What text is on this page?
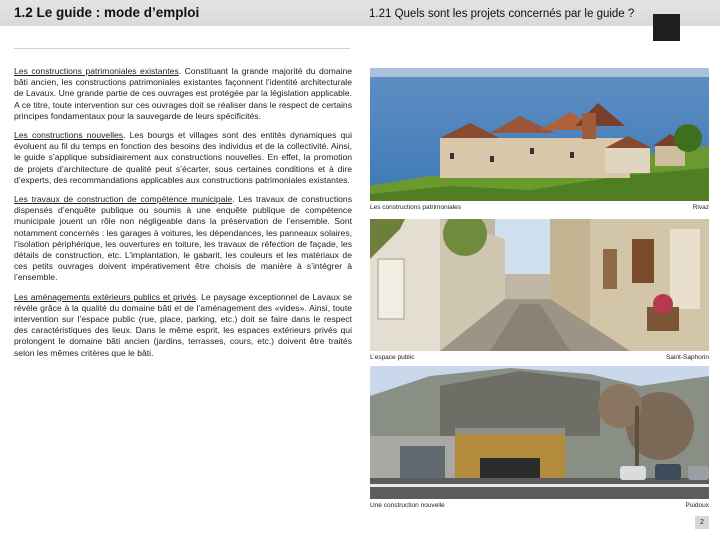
1.2 Le guide : mode d’emploi	1.21 Quels sont les projets concernés par le guide ?

Les constructions patrimoniales existantes. Constituant la grande majorité du domaine bâti ancien, les constructions patrimoniales existantes façonnent l’identité architecturale de Lavaux. Une grande partie de ces ouvrages est protégée par la législation applicable. A ce titre, toute intervention sur ces ouvrages doit se réaliser dans le respect de certains principes fondamentaux pour la sauvegarde de leurs spécificités.

Les constructions nouvelles. Les bourgs et villages sont des entités dynamiques qui évoluent au fil du temps en fonction des besoins des individus et de la collectivité. Ainsi, le guide s’applique subsidiairement aux constructions nouvelles. En effet, la promotion de projets d’architecture de qualité peut s’écarter, sous certaines conditions et à dire d’experts, des recommandations applicables aux constructions patrimoniales existantes.

Les travaux de construction de compétence municipale. Les travaux de constructions dispensés d’enquête publique ou soumis à une enquête publique de compétence municipale jouent un rôle non négligeable dans la préservation de l’ensemble. Sont notamment concernés : les garages à voitures, les dépendances, les panneaux solaires, l’isolation périphérique, les ouvertures en toiture, les travaux de réfection de façade, les détails de construction, etc. L’implantation, le gabarit, les couleurs et les matériaux de ces petits ouvrages doivent impérativement être choisis de manière à s’intégrer à l’ensemble.

Les aménagements extérieurs publics et privés. Le paysage exceptionnel de Lavaux se révèle grâce à la qualité du domaine bâti et de l’aménagement des «vides». Ainsi, toute intervention sur l’espace public (rue, place, parking, etc.) doit se faire dans le respect des caractéristiques des lieux. Dans le même esprit, les espaces extérieurs privés qui prolongent le domaine bâti ancien (jardins, terrasses, cours, etc.) doivent être traités selon les mêmes critères que le bâti.

Les constructions patrimoniales	Rivaz
L’espace public	Saint-Saphorin
Une construction nouvelle	Puidoux
2
